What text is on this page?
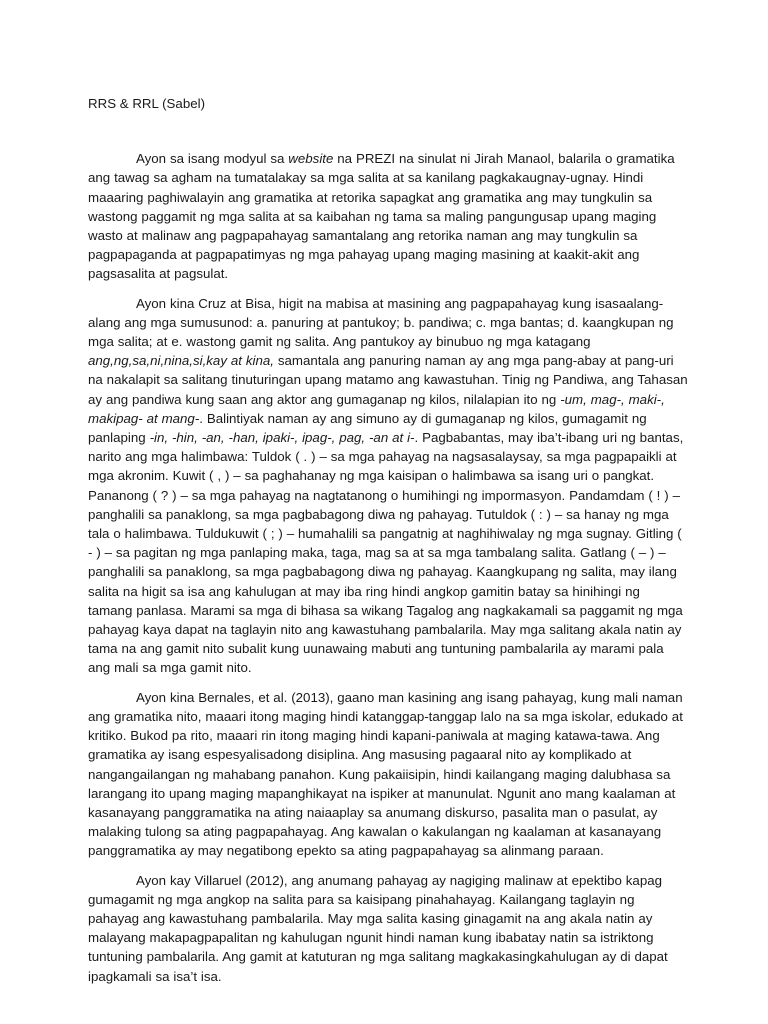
RRS & RRL (Sabel)

Ayon sa isang modyul sa website na PREZI na sinulat ni Jirah Manaol, balarila o gramatika ang tawag sa agham na tumatalakay sa mga salita at sa kanilang pagkakaugnay-ugnay. Hindi maaaring paghiwalayin ang gramatika at retorika sapagkat ang gramatika ang may tungkulin sa wastong paggamit ng mga salita at sa kaibahan ng tama sa maling pangungusap upang maging wasto at malinaw ang pagpapahayag samantalang ang retorika naman ang may tungkulin sa pagpapaganda at pagpapatimyas ng mga pahayag upang maging masining at kaakit-akit ang pagsasalita at pagsulat.

Ayon kina Cruz at Bisa, higit na mabisa at masining ang pagpapahayag kung isasaalang-alang ang mga sumusunod: a. panuring at pantukoy; b. pandiwa; c. mga bantas; d. kaangkupan ng mga salita; at e. wastong gamit ng salita. Ang pantukoy ay binubuo ng mga katagang ang,ng,sa,ni,nina,si,kay at kina, samantala ang panuring naman ay ang mga pang-abay at pang-uri na nakalapit sa salitang tinuturingan upang matamo ang kawastuhan. Tinig ng Pandiwa, ang Tahasan ay ang pandiwa kung saan ang aktor ang gumaganap ng kilos, nilalapian ito ng -um, mag-, maki-, makipag- at mang-. Balintiyak naman ay ang simuno ay di gumaganap ng kilos, gumagamit ng panlaping -in, -hin, -an, -han, ipaki-, ipag-, pag, -an at i-. Pagbabantas, may iba’t-ibang uri ng bantas, narito ang mga halimbawa: Tuldok ( . ) – sa mga pahayag na nagsasalaysay, sa mga pagpapaikli at mga akronim. Kuwit ( , ) – sa paghahanay ng mga kaisipan o halimbawa sa isang uri o pangkat. Pananong ( ? ) – sa mga pahayag na nagtatanong o humihingi ng impormasyon. Pandamdam ( ! ) – panghalili sa panaklong, sa mga pagbabagong diwa ng pahayag. Tutuldok ( : ) – sa hanay ng mga tala o halimbawa. Tuldukuwit ( ; ) – humahalili sa pangatnig at naghihiwalay ng mga sugnay. Gitling ( - ) – sa pagitan ng mga panlaping maka, taga, mag sa at sa mga tambalang salita. Gatlang ( – ) – panghalili sa panaklong, sa mga pagbabagong diwa ng pahayag. Kaangkupang ng salita, may ilang salita na higit sa isa ang kahulugan at may iba ring hindi angkop gamitin batay sa hinihingi ng tamang panlasa. Marami sa mga di bihasa sa wikang Tagalog ang nagkakamali sa paggamit ng mga pahayag kaya dapat na taglayin nito ang kawastuhang pambalarila. May mga salitang akala natin ay tama na ang gamit nito subalit kung uunawaing mabuti ang tuntuning pambalarila ay marami pala ang mali sa mga gamit nito.

Ayon kina Bernales, et al. (2013), gaano man kasining ang isang pahayag, kung mali naman ang gramatika nito, maaari itong maging hindi katanggap-tanggap lalo na sa mga iskolar, edukado at kritiko. Bukod pa rito, maaari rin itong maging hindi kapani-paniwala at maging katawa-tawa. Ang gramatika ay isang espesyalisadong disiplina. Ang masusing pagaaral nito ay komplikado at nangangailangan ng mahabang panahon. Kung pakaiisipin, hindi kailangang maging dalubhasa sa larangang ito upang maging mapanghikayat na ispiker at manunulat. Ngunit ano mang kaalaman at kasanayang panggramatika na ating naiaaplay sa anumang diskurso, pasalita man o pasulat, ay malaking tulong sa ating pagpapahayag. Ang kawalan o kakulangan ng kaalaman at kasanayang panggramatika ay may negatibong epekto sa ating pagpapahayag sa alinmang paraan.

Ayon kay Villaruel (2012), ang anumang pahayag ay nagiging malinaw at epektibo kapag gumagamit ng mga angkop na salita para sa kaisipang pinahahayag. Kailangang taglayin ng pahayag ang kawastuhang pambalarila. May mga salita kasing ginagamit na ang akala natin ay malayang makapagpapalitan ng kahulugan ngunit hindi naman kung ibabatay natin sa istriktong tuntuning pambalarila. Ang gamit at katuturan ng mga salitang magkakasingkahulugan ay di dapat ipagkamali sa isa’t isa.
